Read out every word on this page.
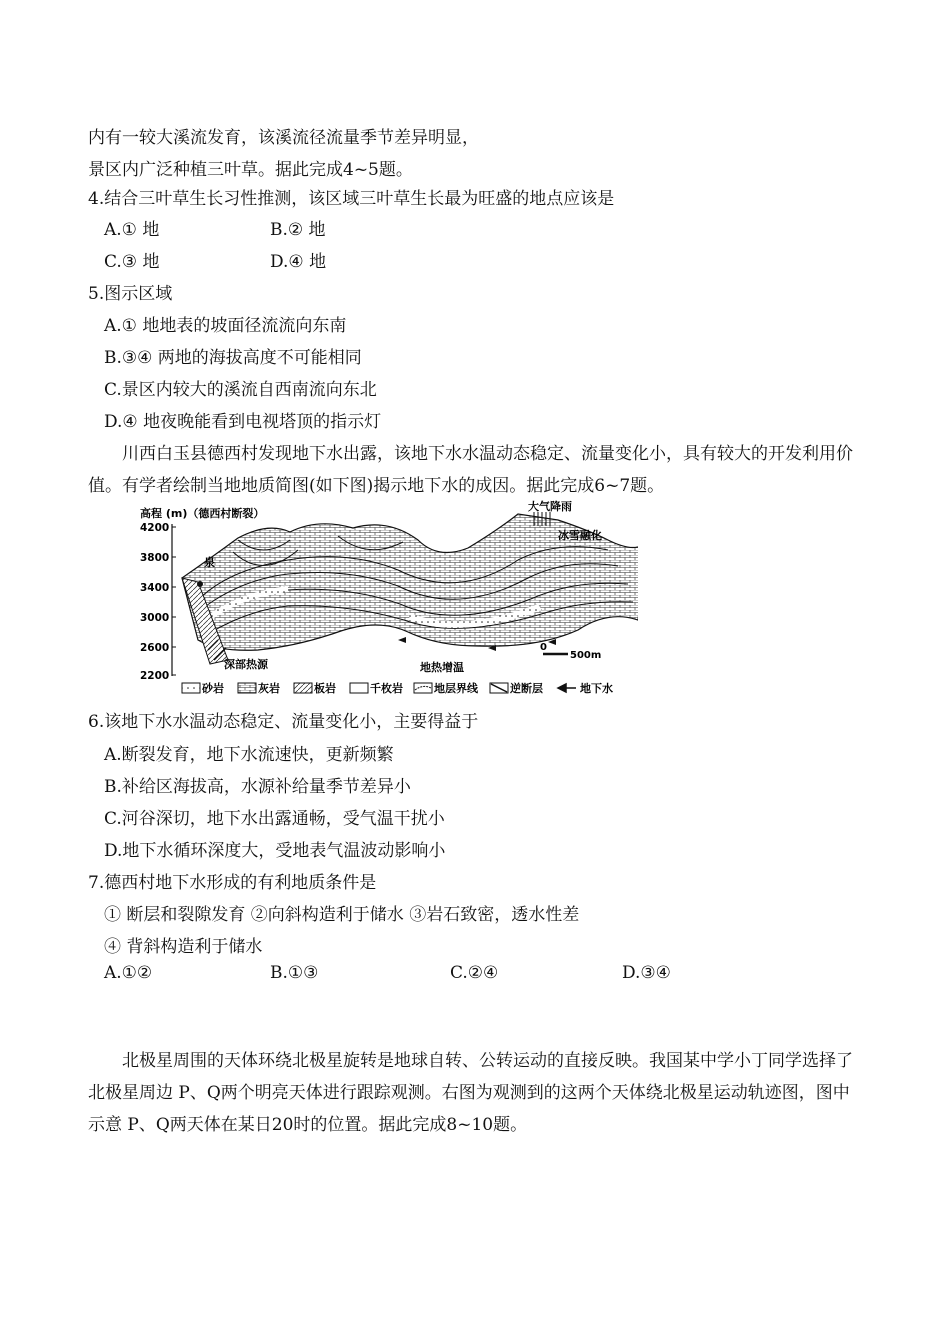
内有一较大溪流发育，该溪流径流量季节差异明显，
景区内广泛种植三叶草。据此完成4~5题。
4.结合三叶草生长习性推测，该区域三叶草生长最为旺盛的地点应该是
A.① 地	B.② 地
C.③ 地	D.④ 地
5.图示区域
A.① 地地表的坡面径流流向东南
B.③④ 两地的海拔高度不可能相同
C.景区内较大的溪流自西南流向东北
D.④ 地夜晚能看到电视塔顶的指示灯
川西白玉县德西村发现地下水出露，该地下水水温动态稳定、流量变化小，具有较大的开发利用价值。有学者绘制当地地质简图(如下图)揭示地下水的成因。据此完成6~7题。
高程 (m)（德西村断裂）
4200
3800
3400
3000
2600
2200
泉
深部热源	地热增温
大气降雨
冰雪融化
0
500m
砂岩	灰岩	板岩	千枚岩	地层界线	逆断层	地下水
6.该地下水水温动态稳定、流量变化小，主要得益于
A.断裂发育，地下水流速快，更新频繁
B.补给区海拔高，水源补给量季节差异小
C.河谷深切，地下水出露通畅，受气温干扰小
D.地下水循环深度大，受地表气温波动影响小
7.德西村地下水形成的有利地质条件是
① 断层和裂隙发育 ②向斜构造利于储水 ③岩石致密，透水性差
④ 背斜构造利于储水
A.①②	B.①③	C.②④	D.③④
北极星周围的天体环绕北极星旋转是地球自转、公转运动的直接反映。我国某中学小丁同学选择了北极星周边 P、Q两个明亮天体进行跟踪观测。右图为观测到的这两个天体绕北极星运动轨迹图，图中示意 P、Q两天体在某日20时的位置。据此完成8~10题。
